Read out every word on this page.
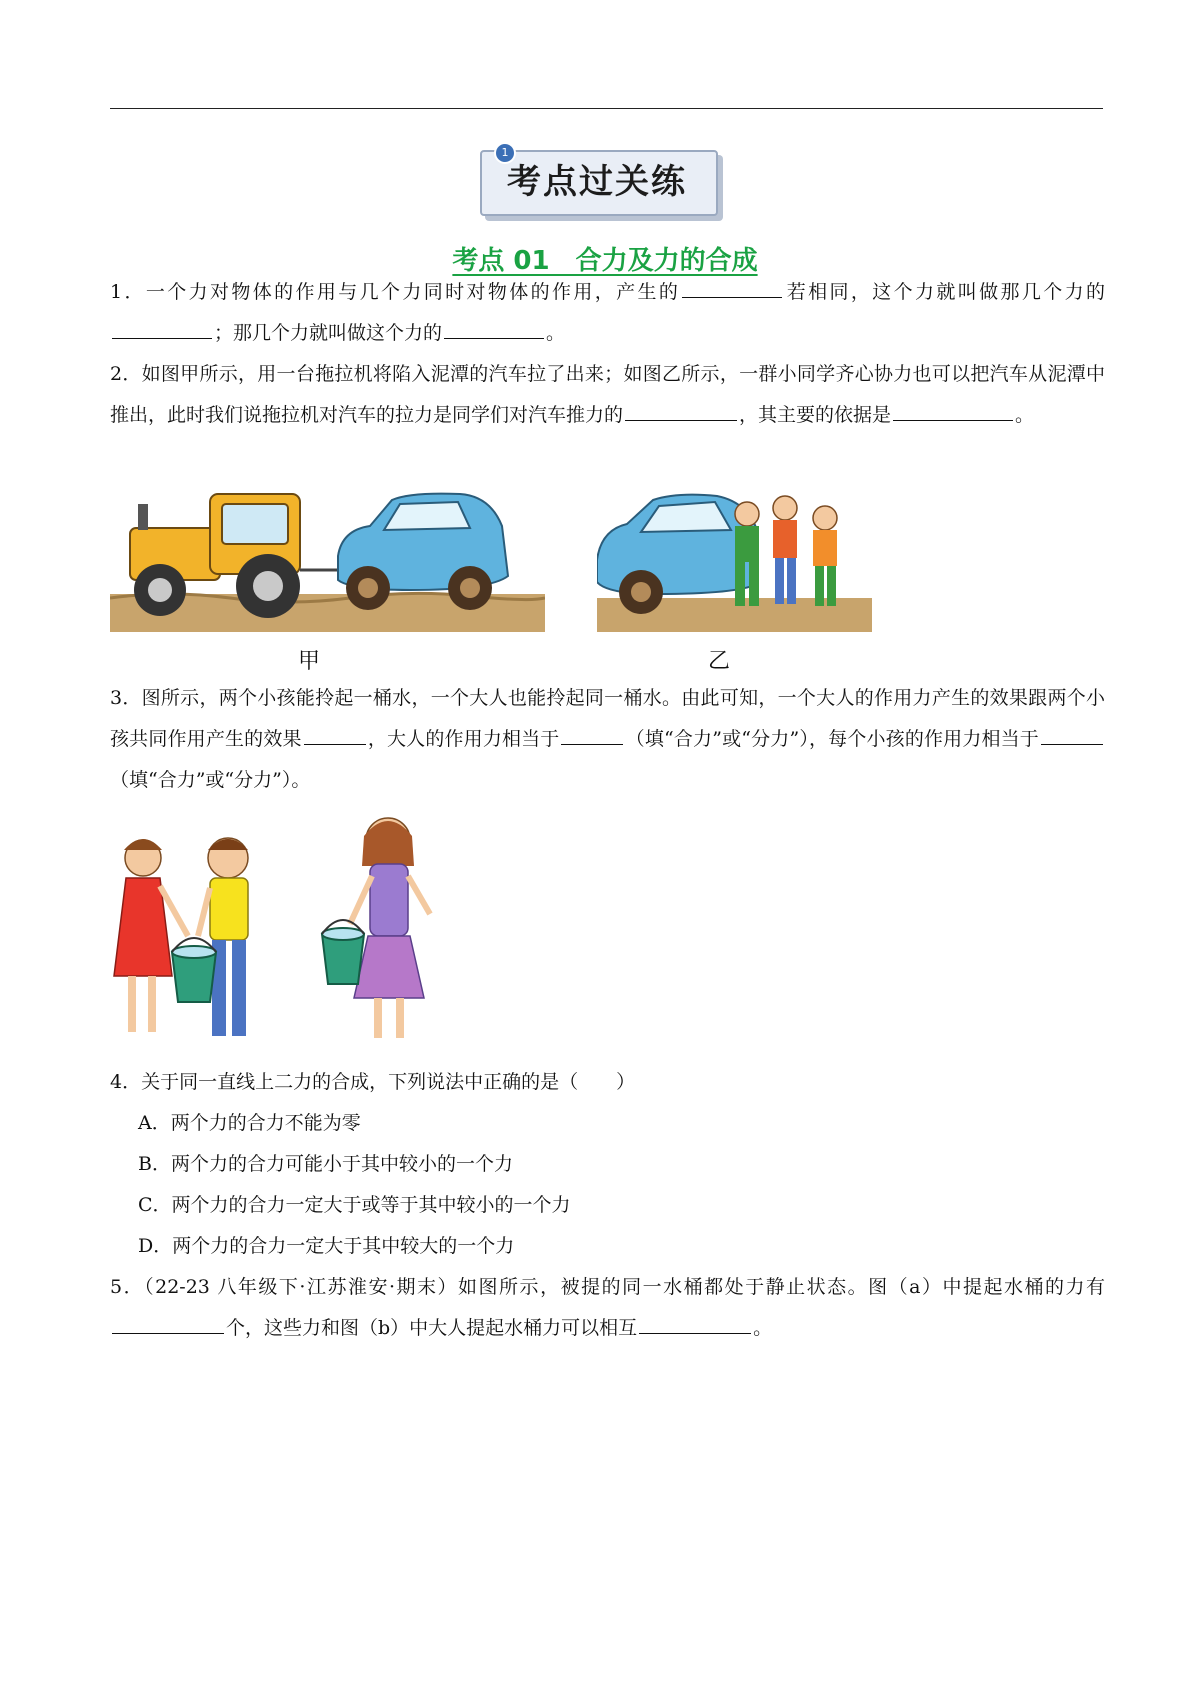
1
考点过关练
考点 01　合力及力的合成
1．一个力对物体的作用与几个力同时对物体的作用，产生的	若相同，这个力就叫做那几个力的；那几个力就叫做这个力的	。
2．如图甲所示，用一台拖拉机将陷入泥潭的汽车拉了出来；如图乙所示，一群小同学齐心协力也可以把汽车从泥潭中推出，此时我们说拖拉机对汽车的拉力是同学们对汽车推力的	，其主要的依据是	。
甲	乙
3．图所示，两个小孩能拎起一桶水，一个大人也能拎起同一桶水。由此可知，一个大人的作用力产生的效果跟两个小孩共同作用产生的效果	，大人的作用力相当于	（填“合力”或“分力”），每个小孩的作用力相当于（填“合力”或“分力”）。
4．关于同一直线上二力的合成，下列说法中正确的是（　　）
A．两个力的合力不能为零
B．两个力的合力可能小于其中较小的一个力
C．两个力的合力一定大于或等于其中较小的一个力
D．两个力的合力一定大于其中较大的一个力
5．（22-23 八年级下·江苏淮安·期末）如图所示，被提的同一水桶都处于静止状态。图（a）中提起水桶的力有个，这些力和图（b）中大人提起水桶力可以相互	。
